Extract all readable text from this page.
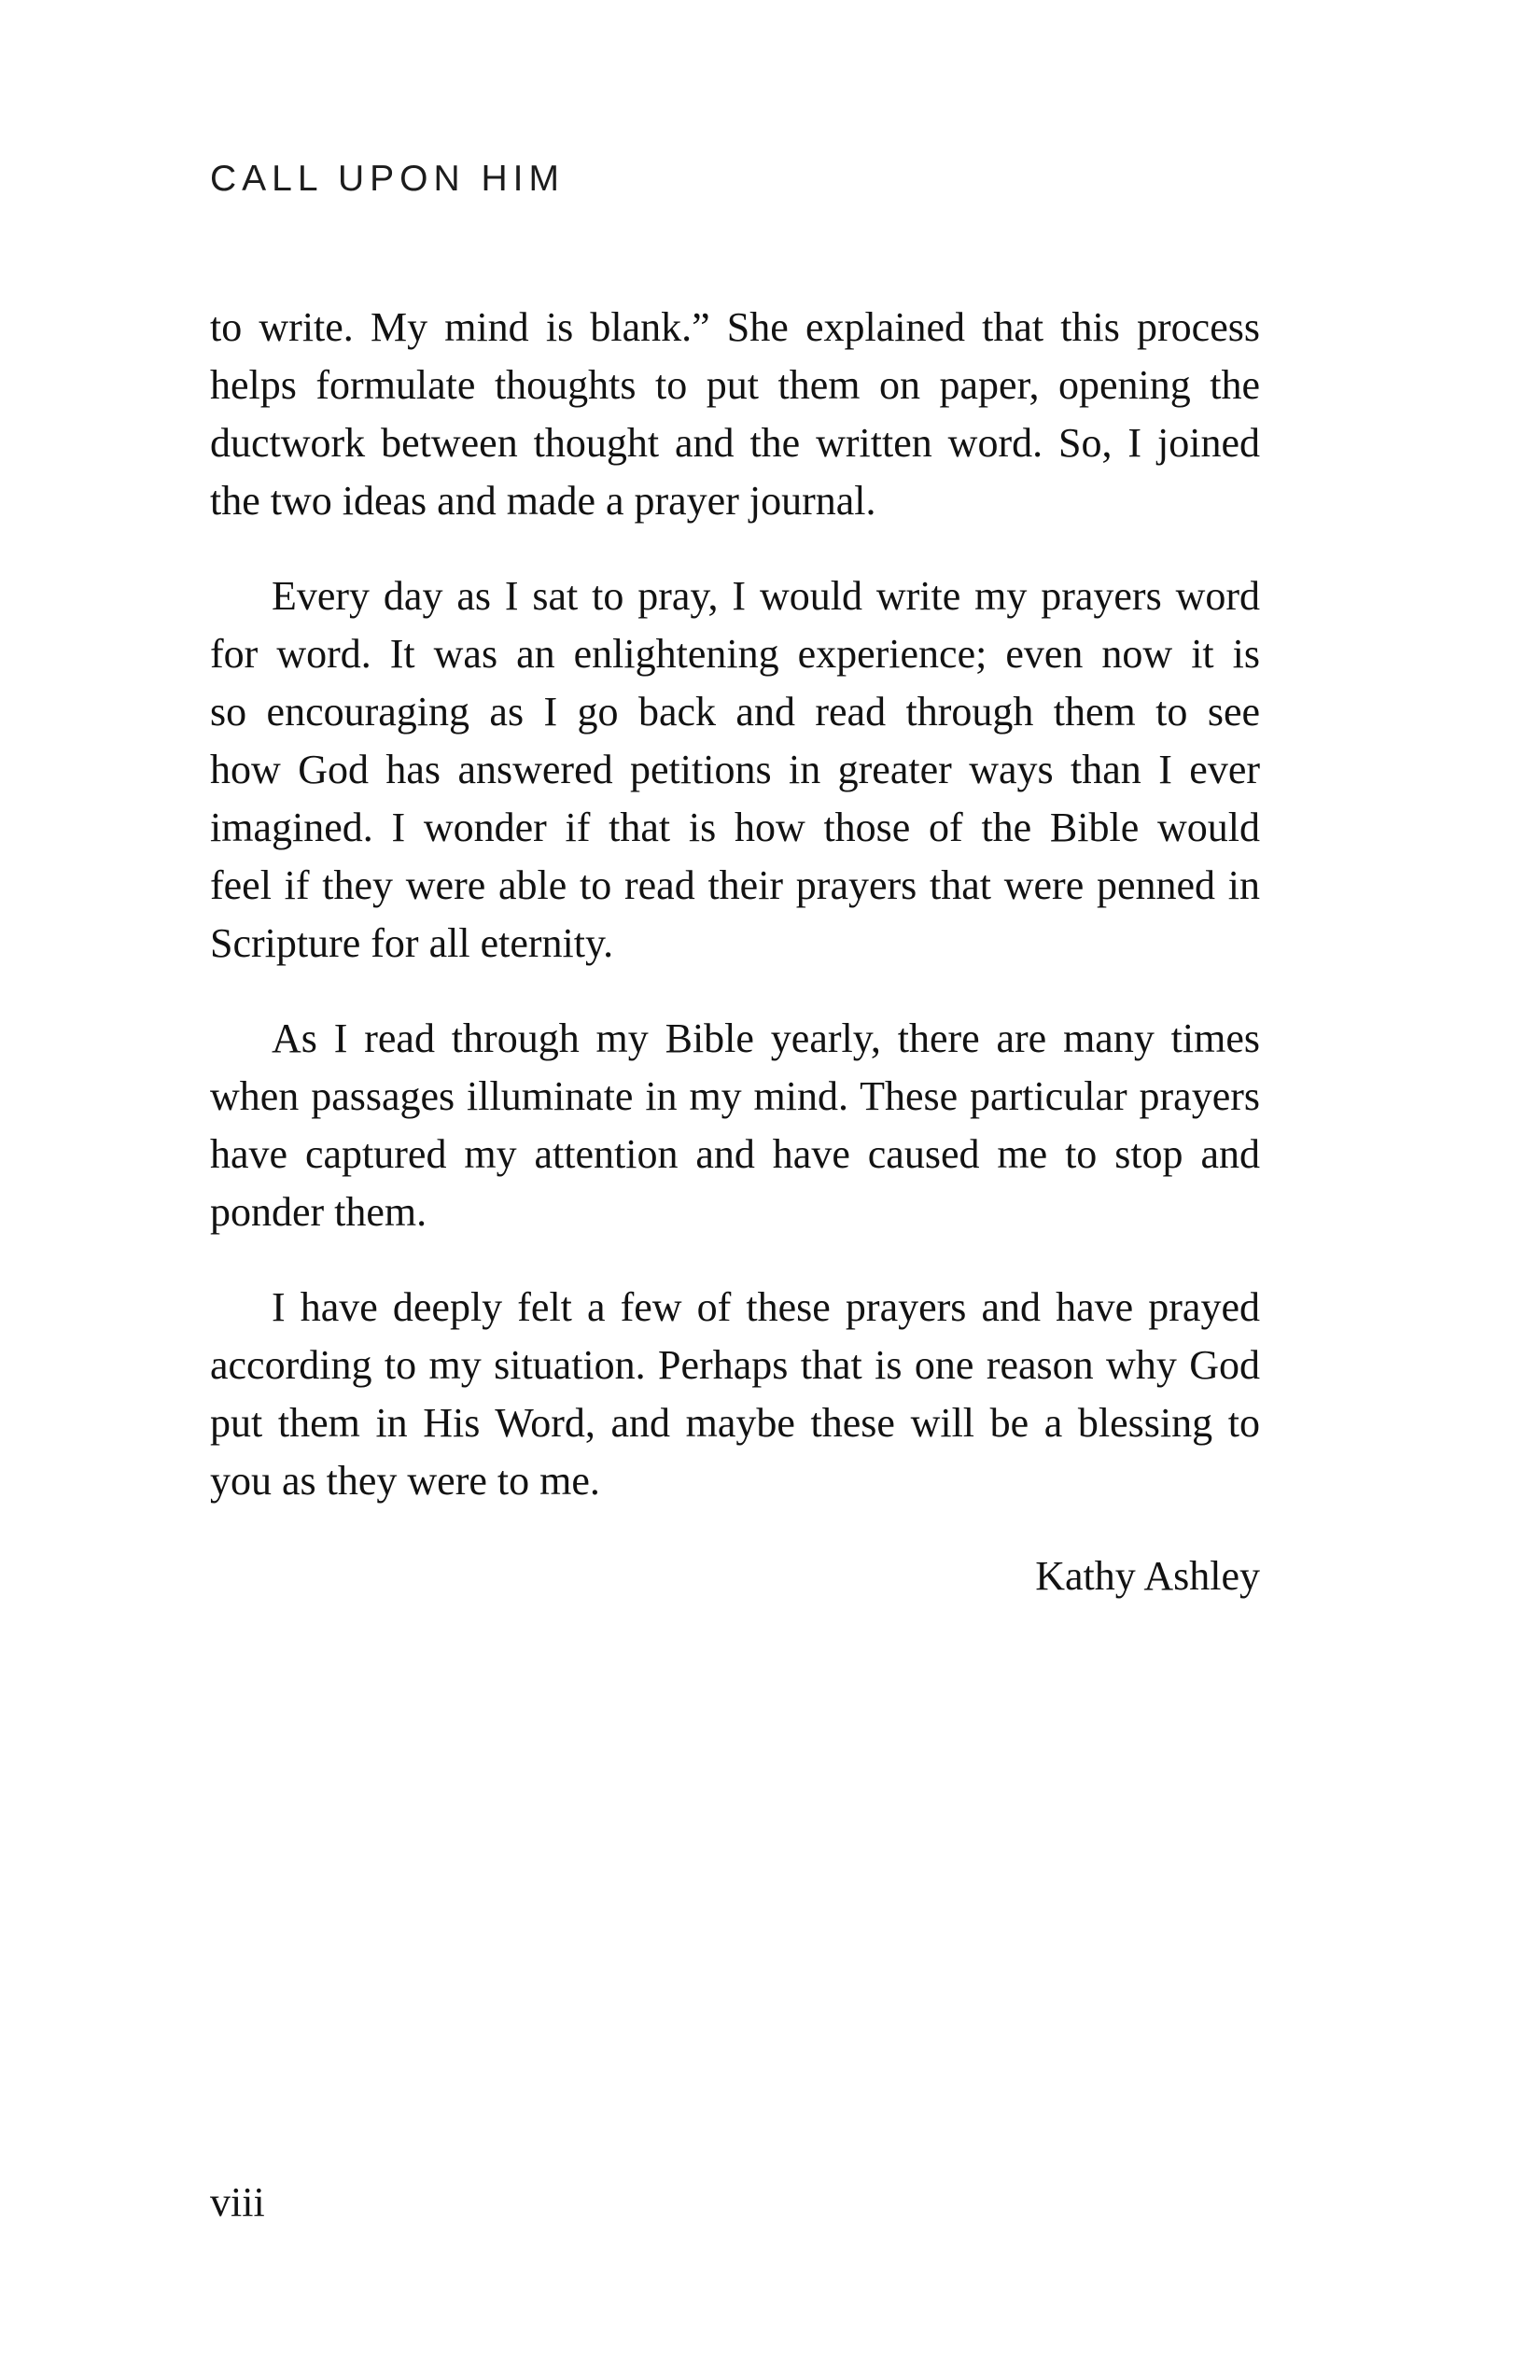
CALL UPON HIM

to write. My mind is blank.” She explained that this process
helps formulate thoughts to put them on paper, opening the
ductwork between thought and the written word. So, I joined
the two ideas and made a prayer journal.

Every day as I sat to pray, I would write my prayers word
for word. It was an enlightening experience; even now it is
so encouraging as I go back and read through them to see
how God has answered petitions in greater ways than I ever
imagined. I wonder if that is how those of the Bible would
feel if they were able to read their prayers that were penned in
Scripture for all eternity.

As I read through my Bible yearly, there are many times
when passages illuminate in my mind. These particular prayers
have captured my attention and have caused me to stop and
ponder them.

I have deeply felt a few of these prayers and have prayed
according to my situation. Perhaps that is one reason why God
put them in His Word, and maybe these will be a blessing to
you as they were to me.

Kathy Ashley
viii
